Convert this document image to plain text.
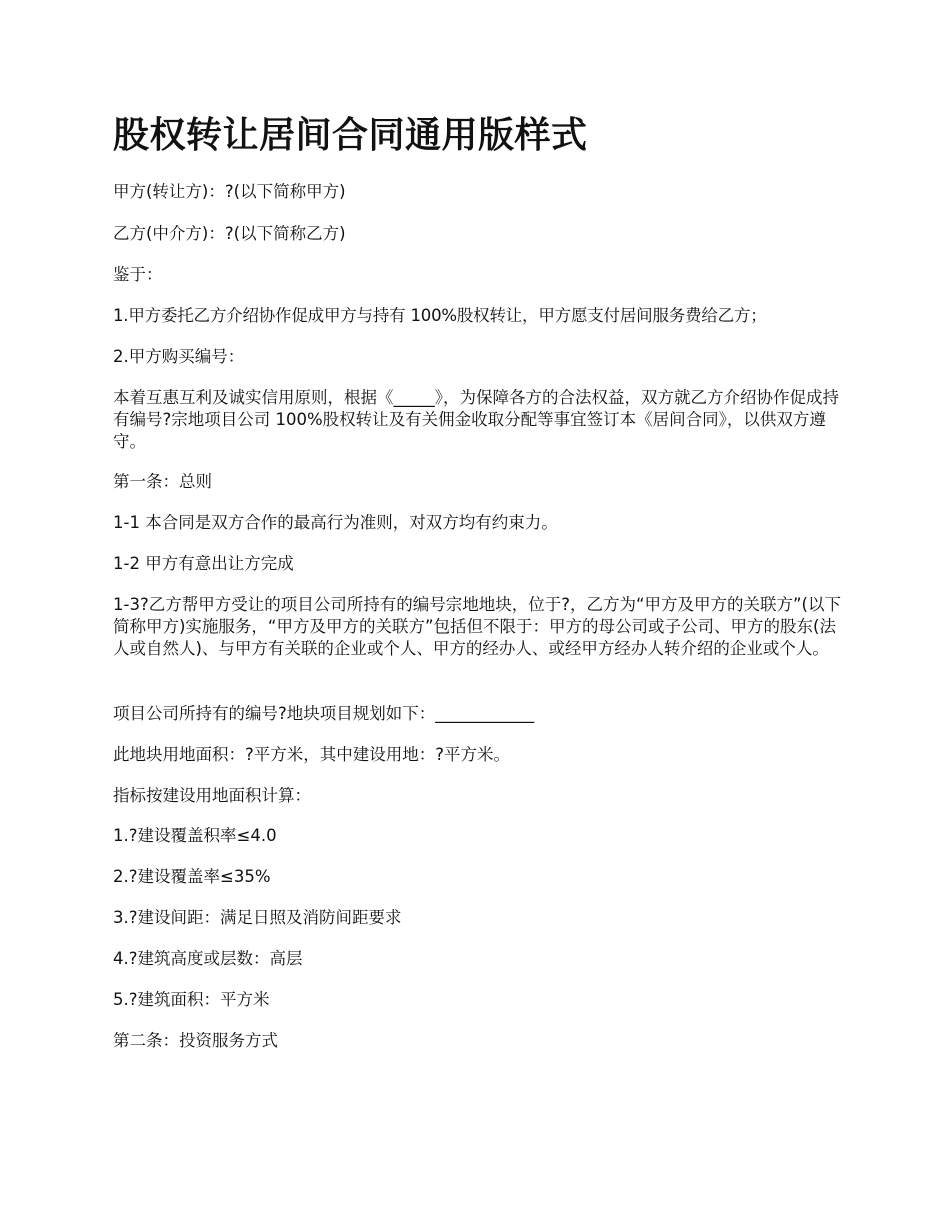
股权转让居间合同通用版样式

甲方(转让方)：?(以下简称甲方)

乙方(中介方)：?(以下简称乙方)

鉴于：

1.甲方委托乙方介绍协作促成甲方与持有 100%股权转让，甲方愿支付居间服务费给乙方；

2.甲方购买编号：

本着互惠互利及诚实信用原则，根据《_____》，为保障各方的合法权益，双方就乙方介绍协作促成持有编号?宗地项目公司 100%股权转让及有关佣金收取分配等事宜签订本《居间合同》，以供双方遵守。

第一条：总则

1-1 本合同是双方合作的最高行为准则，对双方均有约束力。

1-2 甲方有意出让方完成

1-3?乙方帮甲方受让的项目公司所持有的编号宗地地块，位于?，乙方为“甲方及甲方的关联方”(以下简称甲方)实施服务，“甲方及甲方的关联方”包括但不限于：甲方的母公司或子公司、甲方的股东(法人或自然人)、与甲方有关联的企业或个人、甲方的经办人、或经甲方经办人转介绍的企业或个人。

项目公司所持有的编号?地块项目规划如下：____________

此地块用地面积：?平方米，其中建设用地：?平方米。

指标按建设用地面积计算：

1.?建设覆盖积率≤4.0

2.?建设覆盖率≤35%

3.?建设间距：满足日照及消防间距要求

4.?建筑高度或层数：高层

5.?建筑面积：平方米

第二条：投资服务方式
